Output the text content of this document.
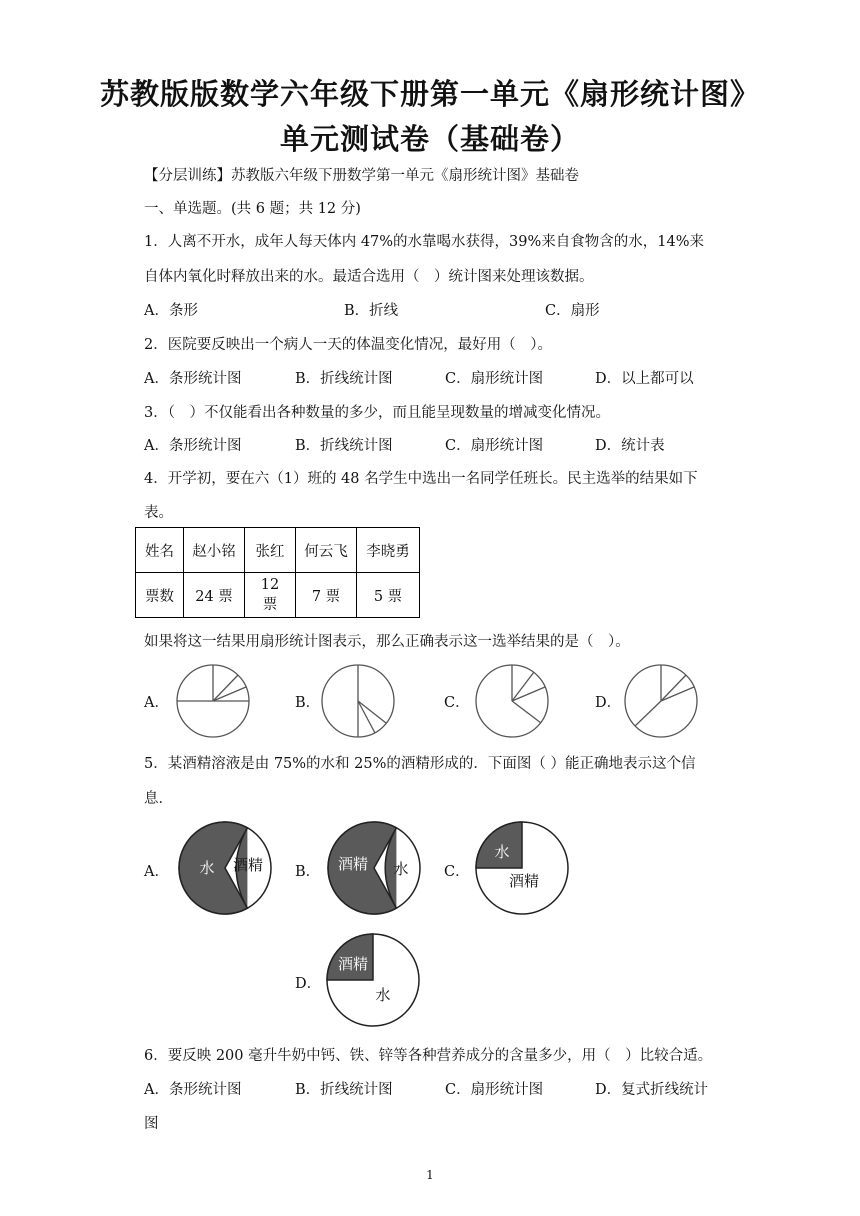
苏教版版数学六年级下册第一单元《扇形统计图》
单元测试卷（基础卷）
【分层训练】苏教版六年级下册数学第一单元《扇形统计图》基础卷
一、单选题。(共 6 题；共 12 分)
1．人离不开水，成年人每天体内 47%的水靠喝水获得，39%来自食物含的水，14%来
自体内氧化时释放出来的水。最适合选用（　）统计图来处理该数据。
A．条形	B．折线	C．扇形
2．医院要反映出一个病人一天的体温变化情况，最好用（　）。
A．条形统计图	B．折线统计图	C．扇形统计图	D．以上都可以
3．（　）不仅能看出各种数量的多少，而且能呈现数量的增减变化情况。
A．条形统计图	B．折线统计图	C．扇形统计图	D．统计表
4．开学初，要在六（1）班的 48 名学生中选出一名同学任班长。民主选举的结果如下
表。
姓名	赵小铭	张红	何云飞	李晓勇
票数	24 票	12 票	7 票	5 票
如果将这一结果用扇形统计图表示，那么正确表示这一选举结果的是（　）。
A．	B．	C．	D．
5．某酒精溶液是由 75%的水和 25%的酒精形成的．下面图（ ）能正确地表示这个信
息．
A． 水 酒精 B． 酒精 水 C．
水
酒精
D．
酒精
水
6．要反映 200 毫升牛奶中钙、铁、锌等各种营养成分的含量多少，用（　）比较合适。
A．条形统计图	B．折线统计图	C．扇形统计图	D．复式折线统计
图
1
